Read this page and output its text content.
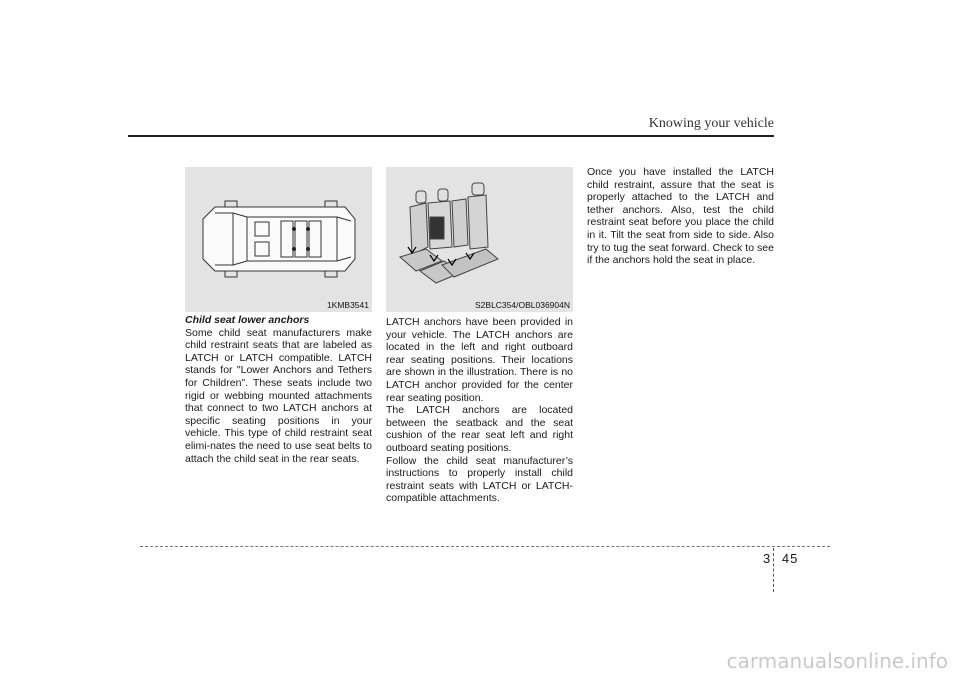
Knowing your vehicle
1KMB3541	S2BLC354/OBL036904N

Child seat lower anchors

Some child seat manufacturers make child restraint seats that are labeled as LATCH or LATCH compatible. LATCH stands for "Lower Anchors and Tethers for Children". These seats include two rigid or webbing mounted attachments that connect to two LATCH anchors at specific seating positions in your vehicle. This type of child restraint seat elimi-nates the need to use seat belts to attach the child seat in the rear seats.

LATCH anchors have been provided in your vehicle. The LATCH anchors are located in the left and right outboard rear seating positions. Their locations are shown in the illustration. There is no LATCH anchor provided for the center rear seating position.

The LATCH anchors are located between the seatback and the seat cushion of the rear seat left and right outboard seating positions.

Follow the child seat manufacturer’s instructions to properly install child restraint seats with LATCH or LATCH-compatible attachments.

Once you have installed the LATCH child restraint, assure that the seat is properly attached to the LATCH and tether anchors. Also, test the child restraint seat before you place the child in it. Tilt the seat from side to side. Also try to tug the seat forward. Check to see if the anchors hold the seat in place.

3 45
carmanualsonline.info
